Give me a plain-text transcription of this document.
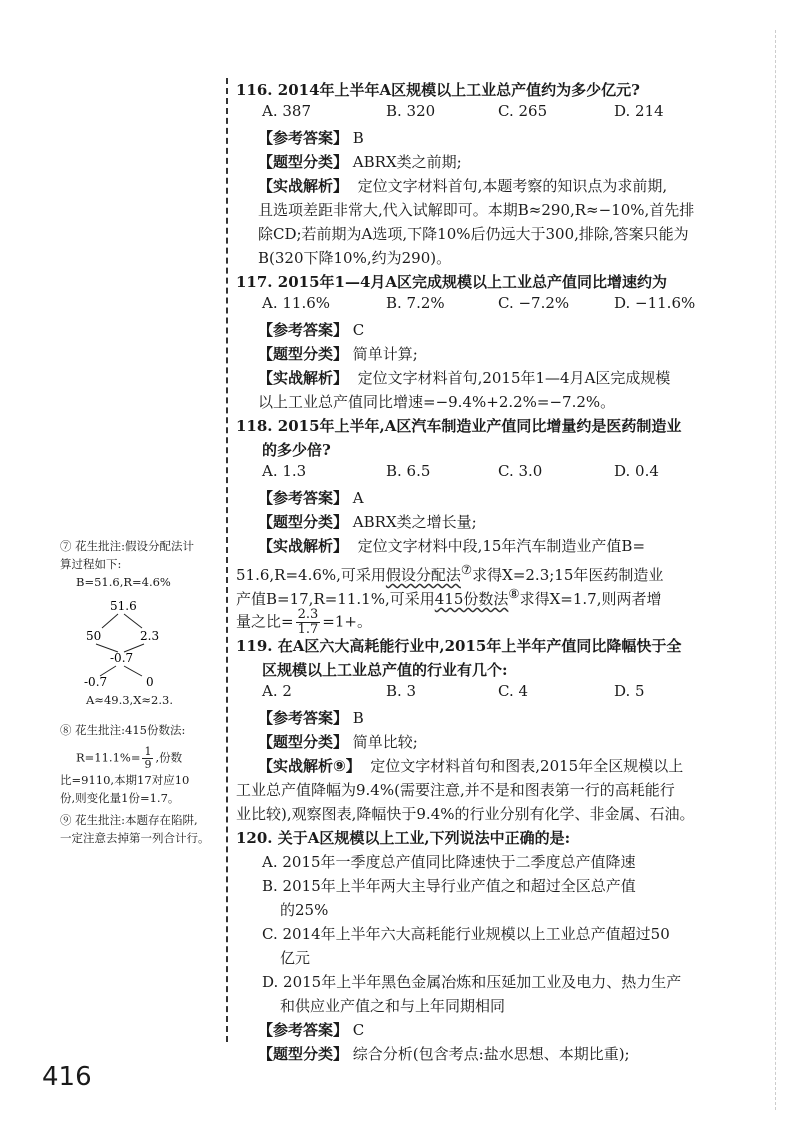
116. 2014年上半年A区规模以上工业总产值约为多少亿元?
A. 387	B. 320	C. 265	D. 214
【参考答案】 B
【题型分类】 ABRX类之前期;
【实战解析】 定位文字材料首句,本题考察的知识点为求前期,
且选项差距非常大,代入试解即可。本期B≈290,R≈−10%,首先排
除CD;若前期为A选项,下降10%后仍远大于300,排除,答案只能为
B(320下降10%,约为290)。
117. 2015年1—4月A区完成规模以上工业总产值同比增速约为
A. 11.6%	B. 7.2%	C. −7.2%	D. −11.6%
【参考答案】 C
【题型分类】 简单计算;
【实战解析】 定位文字材料首句,2015年1—4月A区完成规模
以上工业总产值同比增速=−9.4%+2.2%=−7.2%。
118. 2015年上半年,A区汽车制造业产值同比增量约是医药制造业
的多少倍?
A. 1.3	B. 6.5	C. 3.0	D. 0.4
【参考答案】 A
【题型分类】 ABRX类之增长量;
【实战解析】 定位文字材料中段,15年汽车制造业产值B=
51.6,R=4.6%,可采用假设分配法⑦求得X=2.3;15年医药制造业
产值B=17,R=11.1%,可采用415份数法⑧求得X=1.7,则两者增
量之比= $\frac{2.3}{1.7} =1+$。
119. 在A区六大高耗能行业中,2015年上半年产值同比降幅快于全
区规模以上工业总产值的行业有几个:
A. 2	B. 3	C. 4	D. 5
【参考答案】 B
【题型分类】 简单比较;
【实战解析⑨】 定位文字材料首句和图表,2015年全区规模以上
工业总产值降幅为9.4%(需要注意,并不是和图表第一行的高耗能行
业比较),观察图表,降幅快于9.4%的行业分别有化学、非金属、石油。
120. 关于A区规模以上工业,下列说法中正确的是:
A. 2015年一季度总产值同比降速快于二季度总产值降速
B. 2015年上半年两大主导行业产值之和超过全区总产值
的25%
C. 2014年上半年六大高耗能行业规模以上工业总产值超过50
亿元
D. 2015年上半年黑色金属冶炼和压延加工业及电力、热力生产
和供应业产值之和与上年同期相同
【参考答案】 C
【题型分类】 综合分析(包含考点:盐水思想、本期比重);
⑦ 花生批注:假设分配法计
算过程如下:
B=51.6,R=4.6%
51.6
50	2.3
-0.7
-0.7	0
A≈49.3,X≈2.3.
⑧ 花生批注:415份数法:
$R=11.1\%= \frac{1}{9}$ ,份数
比=9110,本期17对应10
份,则变化量1份=1.7。
⑨ 花生批注:本题存在陷阱,
一定注意去掉第一列合计行。
416
